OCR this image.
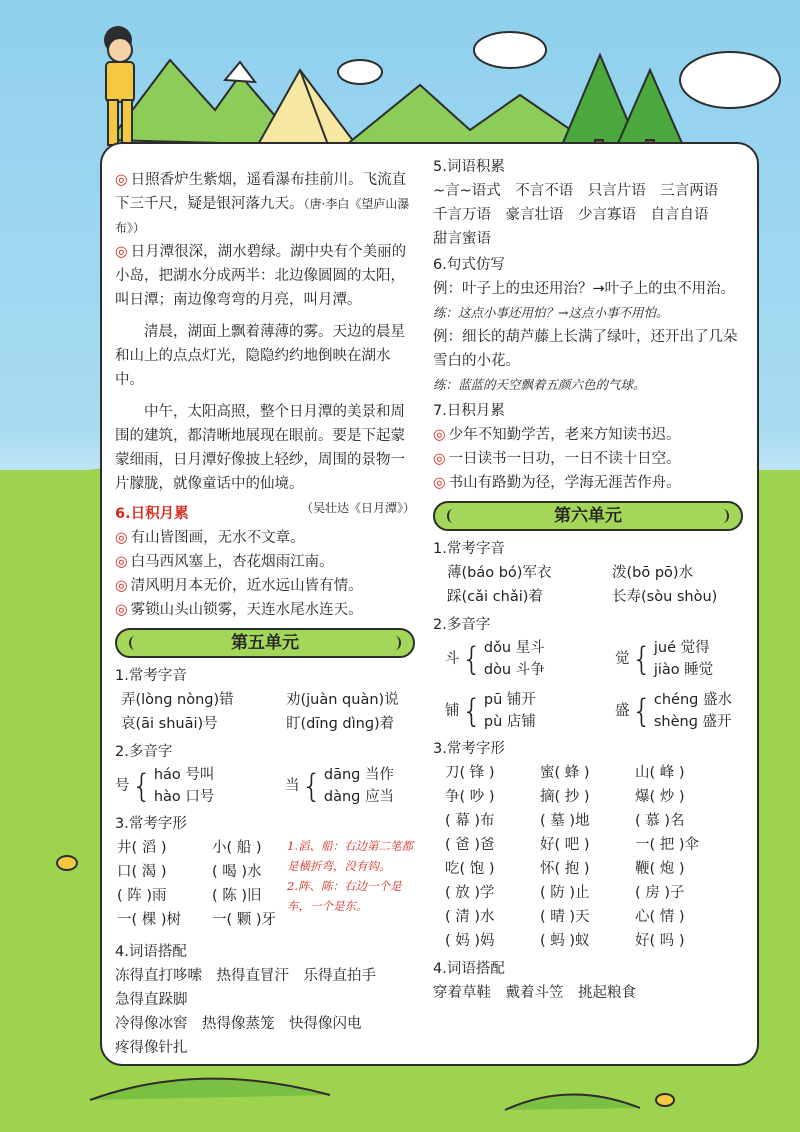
◎ 日照香炉生紫烟，遥看瀑布挂前川。飞流直下三千尺，疑是银河落九天。（唐·李白《望庐山瀑布》）

◎ 日月潭很深，湖水碧绿。湖中央有个美丽的小岛，把湖水分成两半：北边像圆圆的太阳，叫日潭；南边像弯弯的月亮，叫月潭。

清晨，湖面上飘着薄薄的雾。天边的晨星和山上的点点灯光，隐隐约约地倒映在湖水中。

中午，太阳高照，整个日月潭的美景和周围的建筑，都清晰地展现在眼前。要是下起蒙蒙细雨，日月潭好像披上轻纱，周围的景物一片朦胧，就像童话中的仙境。
（吴壮达《日月潭》）

6.日积月累
◎ 有山皆图画，无水不文章。
◎ 白马西风塞上，杏花烟雨江南。
◎ 清风明月本无价，近水远山皆有情。
◎ 雾锁山头山锁雾，天连水尾水连天。
第五单元
1.常考字音
弄(lònɡ nònɡ)错	劝(juàn quàn)说
哀(āi shuāi)号	盯(dīnɡ dìnɡ)着
2.多音字
号 { háo 号叫
hào 口号
当 { dānɡ 当作
dànɡ 应当
3.常考字形
井( 滔 )	小( 船 )
口( 渴 )	( 喝 )水
( 阵 )雨	( 陈 )旧
一( 棵 )树	一( 颗 )牙
1.滔、船：右边第二笔都是横折弯，没有钩。
2.阵、陈：右边一个是车，一个是东。
4.词语搭配
冻得直打哆嗦　热得直冒汗　乐得直拍手
急得直跺脚
冷得像冰窖　热得像蒸笼　快得像闪电
疼得像针扎
5.词语积累
~言~语式　不言不语　只言片语　三言两语
千言万语　豪言壮语　少言寡语　自言自语
甜言蜜语
6.句式仿写
例：叶子上的虫还用治？→叶子上的虫不用治。
练：这点小事还用怕？→这点小事不用怕。
例：细长的葫芦藤上长满了绿叶，还开出了几朵雪白的小花。
练：蓝蓝的天空飘着五颜六色的气球。
7.日积月累
◎ 少年不知勤学苦，老来方知读书迟。
◎ 一日读书一日功，一日不读十日空。
◎ 书山有路勤为径，学海无涯苦作舟。
第六单元
1.常考字音
薄(báo bó)军衣	泼(bō pō)水
踩(cǎi chǎi)着	长寿(sòu shòu)
2.多音字
斗 { dǒu 星斗
dòu 斗争
觉 { jué 觉得
jiào 睡觉
铺 { pū 铺开
pù 店铺
盛 { chénɡ 盛水
shènɡ 盛开
3.常考字形
刀( 锋 )	蜜( 蜂 )	山( 峰 )
争( 吵 )	摘( 抄 )	爆( 炒 )
( 幕 )布	( 墓 )地	( 慕 )名
( 爸 )爸	好( 吧 )	一( 把 )伞
吃( 饱 )	怀( 抱 )	鞭( 炮 )
( 放 )学	( 防 )止	( 房 )子
( 清 )水	( 晴 )天	心( 情 )
( 妈 )妈	( 蚂 )蚁	好( 吗 )
4.词语搭配
穿着草鞋　戴着斗笠　挑起粮食
